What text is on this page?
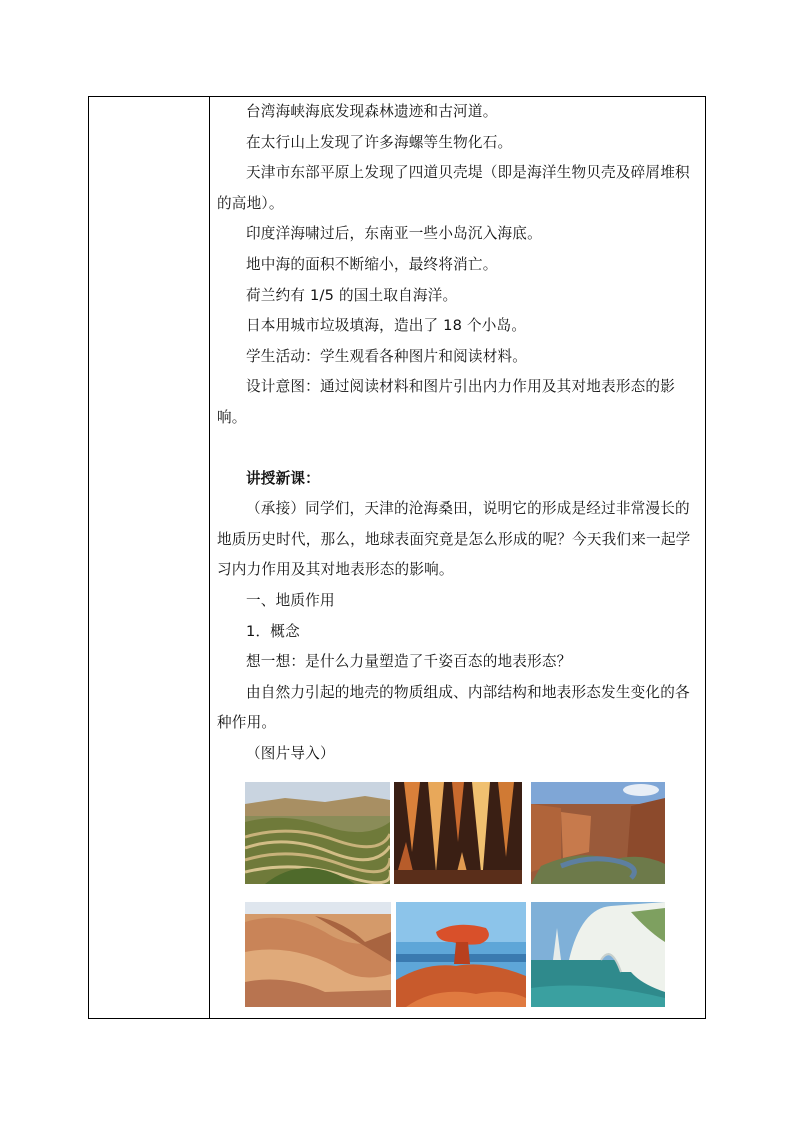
台湾海峡海底发现森林遗迹和古河道。

在太行山上发现了许多海螺等生物化石。

天津市东部平原上发现了四道贝壳堤（即是海洋生物贝壳及碎屑堆积的高地）。

印度洋海啸过后，东南亚一些小岛沉入海底。

地中海的面积不断缩小，最终将消亡。

荷兰约有 1/5 的国土取自海洋。

日本用城市垃圾填海，造出了 18 个小岛。

学生活动：学生观看各种图片和阅读材料。

设计意图：通过阅读材料和图片引出内力作用及其对地表形态的影响。

讲授新课：

（承接）同学们，天津的沧海桑田，说明它的形成是经过非常漫长的地质历史时代，那么，地球表面究竟是怎么形成的呢？今天我们来一起学习内力作用及其对地表形态的影响。

一、地质作用

1．概念

想一想：是什么力量塑造了千姿百态的地表形态？

由自然力引起的地壳的物质组成、内部结构和地表形态发生变化的各种作用。

（图片导入）
